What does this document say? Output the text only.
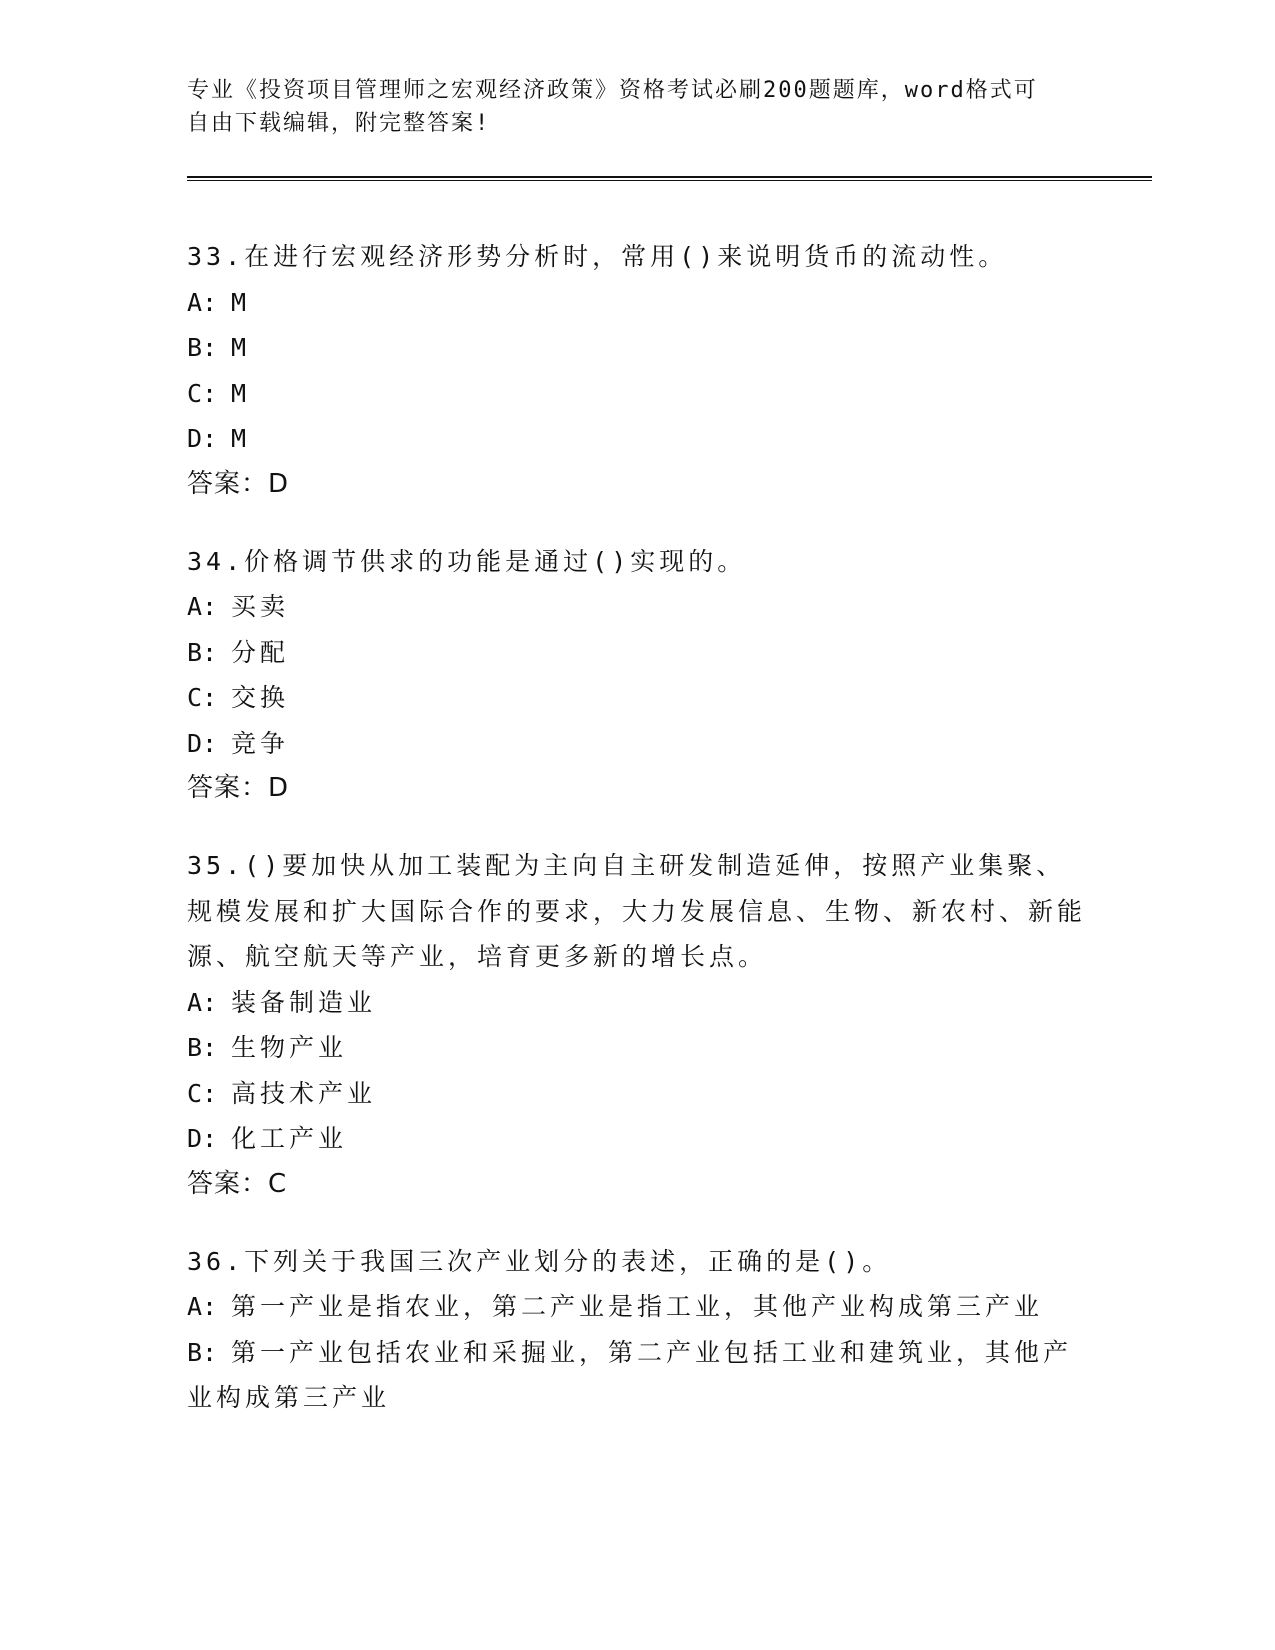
专业《投资项目管理师之宏观经济政策》资格考试必刷200题题库，word格式可
自由下载编辑，附完整答案!
33.在进行宏观经济形势分析时，常用()来说明货币的流动性。
A: M
B: M
C: M
D: M
答案：D
34.价格调节供求的功能是通过()实现的。
A: 买卖
B: 分配
C: 交换
D: 竞争
答案：D
35.()要加快从加工装配为主向自主研发制造延伸，按照产业集聚、规模发展和扩大国际合作的要求，大力发展信息、生物、新农村、新能源、航空航天等产业，培育更多新的增长点。
A: 装备制造业
B: 生物产业
C: 高技术产业
D: 化工产业
答案：C
36.下列关于我国三次产业划分的表述，正确的是()。
A: 第一产业是指农业，第二产业是指工业，其他产业构成第三产业
B: 第一产业包括农业和采掘业，第二产业包括工业和建筑业，其他产业构成第三产业
